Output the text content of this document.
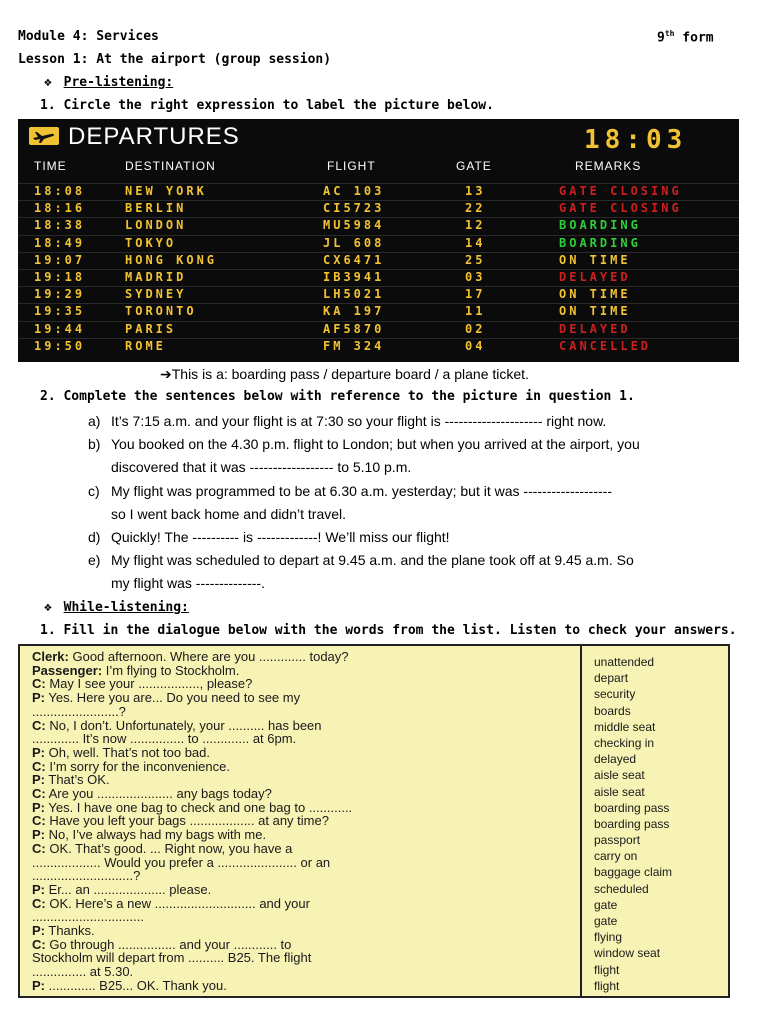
Module 4: Services	9th form
Lesson 1: At the airport (group session)
❖ Pre-listening:
1. Circle the right expression to label the picture below.
DEPARTURES	18:03
TIME	DESTINATION	FLIGHT	GATE	REMARKS
18:08	NEW YORK	AC 103	13	GATE CLOSING
18:16	BERLIN	CI5723	22	GATE CLOSING
18:38	LONDON	MU5984	12	BOARDING
18:49	TOKYO	JL 608	14	BOARDING
19:07	HONG KONG	CX6471	25	ON TIME
19:18	MADRID	IB3941	03	DELAYED
19:29	SYDNEY	LH5021	17	ON TIME
19:35	TORONTO	KA 197	11	ON TIME
19:44	PARIS	AF5870	02	DELAYED
19:50	ROME	FM 324	04	CANCELLED
➔This is a: boarding pass / departure board / a plane ticket.
2. Complete the sentences below with reference to the picture in question 1.
a) It’s 7:15 a.m. and your flight is at 7:30 so your flight is --------------------- right now.
b) You booked on the 4.30 p.m. flight to London; but when you arrived at the airport, you
discovered that it was ------------------ to 5.10 p.m.
c) My flight was programmed to be at 6.30 a.m. yesterday; but it was -------------------
so I went back home and didn’t travel.
d) Quickly! The ---------- is -------------! We’ll miss our flight!
e) My flight was scheduled to depart at 9.45 a.m. and the plane took off at 9.45 a.m. So
my flight was --------------.
❖ While-listening:
1. Fill in the dialogue below with the words from the list. Listen to check your answers.
Clerk: Good afternoon. Where are you ............. today?
Passenger: I’m flying to Stockholm.
C: May I see your ................., please?
P: Yes. Here you are... Do you need to see my
........................?
C: No, I don’t. Unfortunately, your .......... has been
............. It’s now ............... to ............. at 6pm.
P: Oh, well. That’s not too bad.
C: I’m sorry for the inconvenience.
P: That’s OK.
C: Are you ..................... any bags today?
P: Yes. I have one bag to check and one bag to ............
C: Have you left your bags .................. at any time?
P: No, I’ve always had my bags with me.
C: OK. That’s good. ... Right now, you have a
................... Would you prefer a ...................... or an
............................?
P: Er... an .................... please.
C: OK. Here’s a new ............................ and your
...............................
P: Thanks.
C: Go through ................ and your ............ to
Stockholm will depart from .......... B25. The flight
............... at 5.30.
P: ............. B25... OK. Thank you.
unattended
depart
security
boards
middle seat
checking in
delayed
aisle seat
aisle seat
boarding pass
boarding pass
passport
carry on
baggage claim
scheduled
gate
gate
flying
window seat
flight
flight
